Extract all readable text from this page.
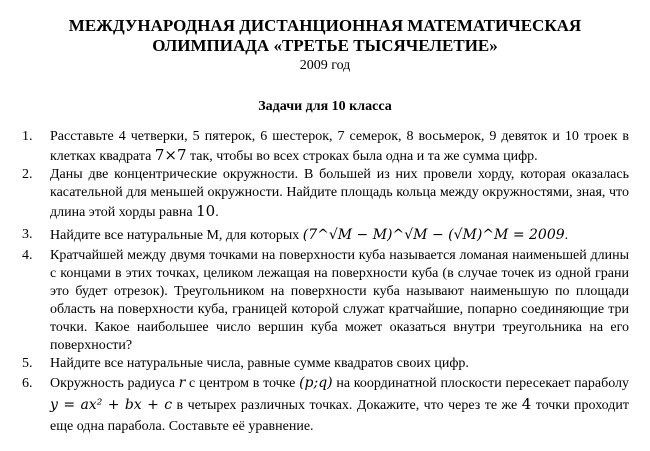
МЕЖДУНАРОДНАЯ ДИСТАНЦИОННАЯ МАТЕМАТИЧЕСКАЯ
ОЛИМПИАДА «ТРЕТЬЕ ТЫСЯЧЕЛЕТИЕ»
2009 год
Задачи для 10 класса
1. Расставьте 4 четверки, 5 пятерок, 6 шестерок, 7 семерок, 8 восьмерок, 9 девяток и 10 троек в клетках квадрата 7×7 так, чтобы во всех строках была одна и та же сумма цифр.
2. Даны две концентрические окружности. В большей из них провели хорду, которая оказалась касательной для меньшей окружности. Найдите площадь кольца между окружностями, зная, что длина этой хорды равна 10.
3. Найдите все натуральные М, для которых (7^√M − M)^√M − (√M)^M = 2009.
4. Кратчайшей между двумя точками на поверхности куба называется ломаная наименьшей длины с концами в этих точках, целиком лежащая на поверхности куба (в случае точек из одной грани это будет отрезок). Треугольником на поверхности куба называют наименьшую по площади область на поверхности куба, границей которой служат кратчайшие, попарно соединяющие три точки. Какое наибольшее число вершин куба может оказаться внутри треугольника на его поверхности?
5. Найдите все натуральные числа, равные сумме квадратов своих цифр.
6. Окружность радиуса r с центром в точке (p;q) на координатной плоскости пересекает параболу y = ax² + bx + c в четырех различных точках. Докажите, что через те же 4 точки проходит еще одна парабола. Составьте её уравнение.
